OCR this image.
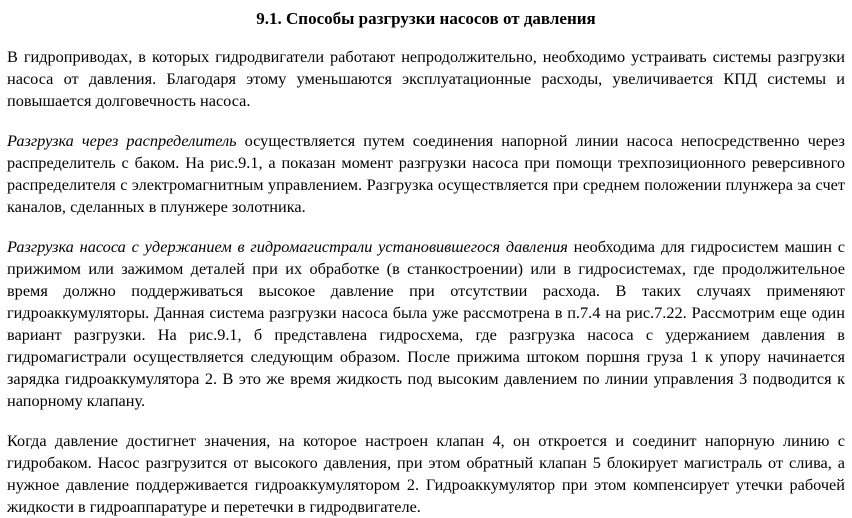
9.1. Способы разгрузки насосов от давления

В гидроприводах, в которых гидродвигатели работают непродолжительно, необходимо устраивать системы разгрузки насоса от давления. Благодаря этому уменьшаются эксплуатационные расходы, увеличивается КПД системы и повышается долговечность насоса.

Разгрузка через распределитель осуществляется путем соединения напорной линии насоса непосредственно через распределитель с баком. На рис.9.1, а показан момент разгрузки насоса при помощи трехпозиционного реверсивного распределителя с электромагнитным управлением. Разгрузка осуществляется при среднем положении плунжера за счет каналов, сделанных в плунжере золотника.

Разгрузка насоса с удержанием в гидромагистрали установившегося давления необходима для гидросистем машин с прижимом или зажимом деталей при их обработке (в станкостроении) или в гидросистемах, где продолжительное время должно поддерживаться высокое давление при отсутствии расхода. В таких случаях применяют гидроаккумуляторы. Данная система разгрузки насоса была уже рассмотрена в п.7.4 на рис.7.22. Рассмотрим еще один вариант разгрузки. На рис.9.1, б представлена гидросхема, где разгрузка насоса с удержанием давления в гидромагистрали осуществляется следующим образом. После прижима штоком поршня груза 1 к упору начинается зарядка гидроаккумулятора 2. В это же время жидкость под высоким давлением по линии управления 3 подводится к напорному клапану.

Когда давление достигнет значения, на которое настроен клапан 4, он откроется и соединит напорную линию с гидробаком. Насос разгрузится от высокого давления, при этом обратный клапан 5 блокирует магистраль от слива, а нужное давление поддерживается гидроаккумулятором 2. Гидроаккумулятор при этом компенсирует утечки рабочей жидкости в гидроаппаратуре и перетечки в гидродвигателе.
